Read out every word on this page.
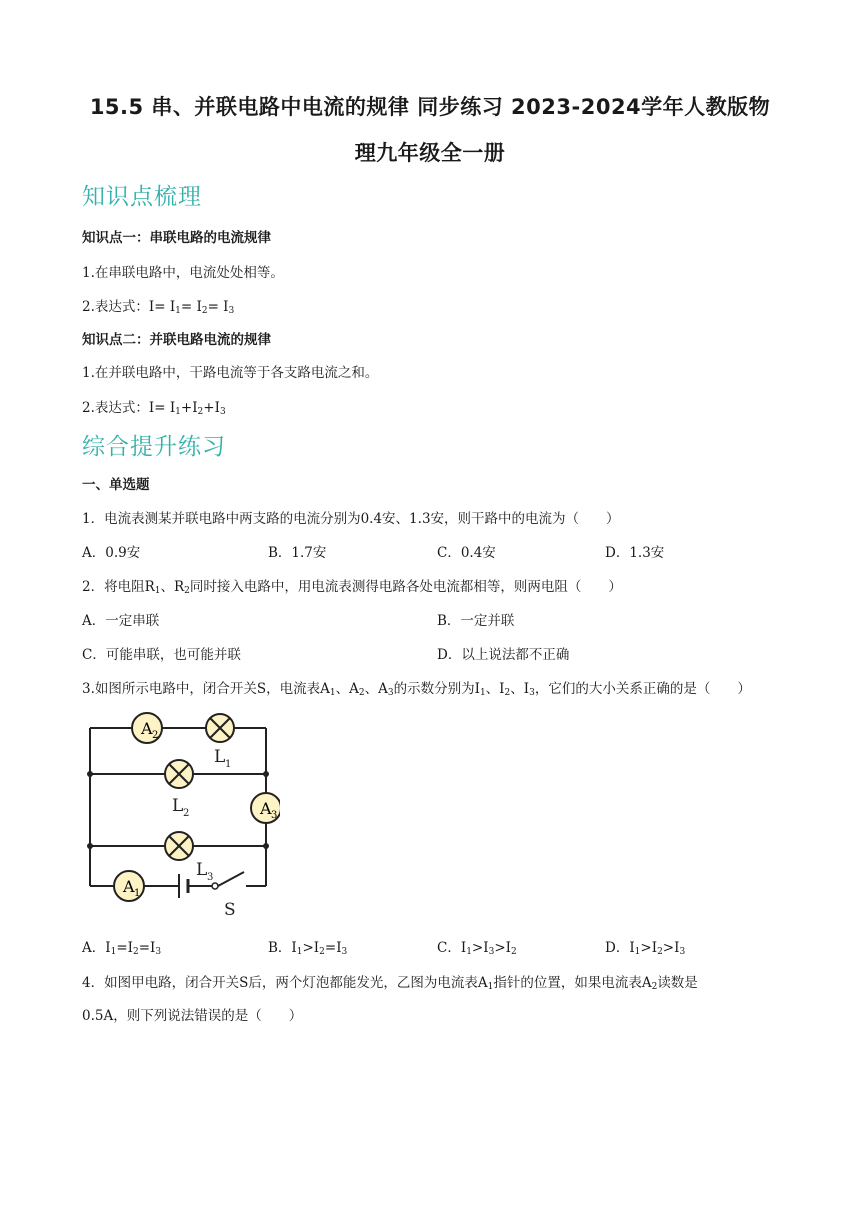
15.5 串、并联电路中电流的规律 同步练习 2023-2024学年人教版物
理九年级全一册
知识点梳理
知识点一：串联电路的电流规律
1.在串联电路中，电流处处相等。
2.表达式：$I= I_1= I_2= I_3$
知识点二：并联电路电流的规律
1.在并联电路中，干路电流等于各支路电流之和。
2.表达式：$I= I_1+I_2+I_3$
综合提升练习
一、单选题
1．电流表测某并联电路中两支路的电流分别为0.4安、1.3安，则干路中的电流为（　　）
A．0.9安	B．1.7安	C．0.4安	D．1.3安
2．将电阻$R_1$、$R_2$同时接入电路中，用电流表测得电路各处电流都相等，则两电阻（　　）
A．一定串联	B．一定并联
C．可能串联，也可能并联	D．以上说法都不正确
3.如图所示电路中，闭合开关S，电流表$A_1$、$A_2$、$A_3$的示数分别为$I_1$、$I_2$、$I_3$，它们的大小关系正确的是（　　）
A 2
A 3
A 1
L 1
L 2
L 3
S
A．$I_1=I_2=I_3$	B．$I_1>I_2=I_3$	C．$I_1>I_3>I_2$	D．$I_1>I_2>I_3$
4．如图甲电路，闭合开关S后，两个灯泡都能发光，乙图为电流表$A_1$指针的位置，如果电流表$A_2$读数是
0.5A，则下列说法错误的是（　　）
